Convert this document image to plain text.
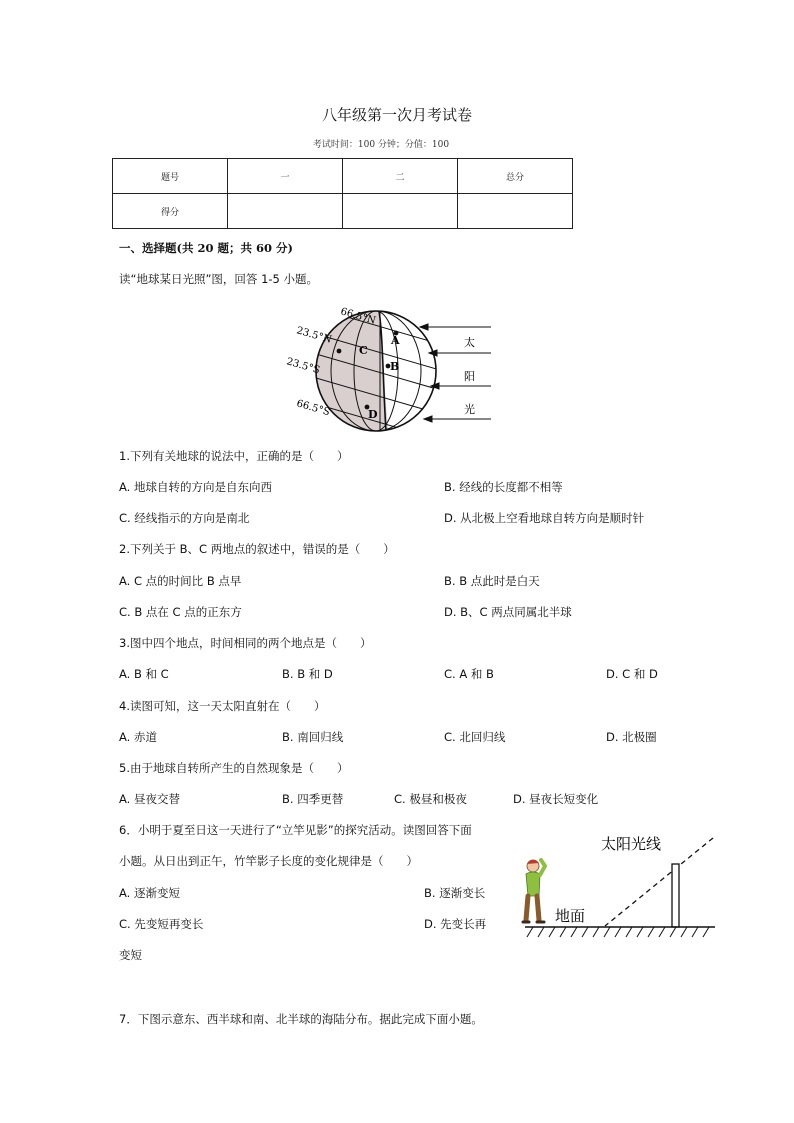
八年级第一次月考试卷
考试时间：100 分钟；分值：100
题号	一	二	总分
得分			
一、选择题(共 20 题；共 60 分)
读“地球某日光照”图，回答 1-5 小题。
A
B
C
D
66.5°N
23.5°N
23.5°S
66.5°S
太
阳
光
1.下列有关地球的说法中，正确的是（　　）
A. 地球自转的方向是自东向西	B. 经线的长度都不相等
C. 经线指示的方向是南北	D. 从北极上空看地球自转方向是顺时针
2.下列关于 B、C 两地点的叙述中，错误的是（　　）
A. C 点的时间比 B 点早	B. B 点此时是白天
C. B 点在 C 点的正东方	D. B、C 两点同属北半球
3.图中四个地点，时间相同的两个地点是（　　）
A. B 和 C	B. B 和 D	C. A 和 B	D. C 和 D
4.读图可知，这一天太阳直射在（　　）
A. 赤道	B. 南回归线	C. 北回归线	D. 北极圈
5.由于地球自转所产生的自然现象是（　　）
A. 昼夜交替	B. 四季更替	C. 极昼和极夜	D. 昼夜长短变化
6．小明于夏至日这一天进行了“立竿见影”的探究活动。读图回答下面
小题。从日出到正午，竹竿影子长度的变化规律是（　　）
A. 逐渐变短	B. 逐渐变长
C. 先变短再变长	D. 先变长再
变短
太阳光线
地面
7．下图示意东、西半球和南、北半球的海陆分布。据此完成下面小题。
